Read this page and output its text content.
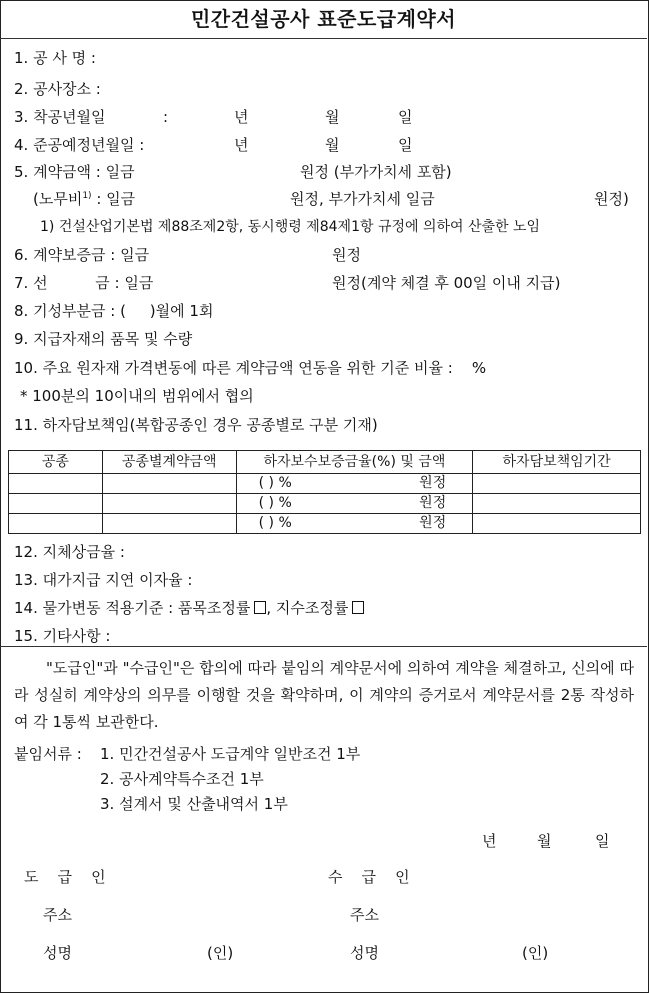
민간건설공사 표준도급계약서
1. 공 사 명 :
2. 공사장소 :
3. 착공년월일	:	년	월	일
4. 준공예정년월일 :	년	월	일
5. 계약금액 : 일금	원정 (부가가치세 포함)
(노무비$^{1)}$ : 일금	원정, 부가가치세 일금	원정)
1) 건설산업기본법 제88조제2항, 동시행령 제84제1항 규정에 의하여 산출한 노임
6. 계약보증금 : 일금	원정
7. 선          금 : 일금	원정(계약 체결 후 00일 이내 지급)
8. 기성부분금 : (     )월에 1회
9. 지급자재의 품목 및 수량
10. 주요 원자재 가격변동에 따른 계약금액 연동을 위한 기준 비율 :    %
* 100분의 10이내의 범위에서 협의
11. 하자담보책임(복합공종인 경우 공종별로 구분 기재)
공종	공종별계약금액	하자보수보증금율(%) 및 금액	하자담보책임기간

		( ) % 원정	

		( ) % 원정	

		( ) % 원정	

12. 지체상금율 :
13. 대가지급 지연 이자율 :
14. 물가변동 적용기준 : 품목조정률 , 지수조정률
15. 기타사항 :
"도급인"과 "수급인"은 합의에 따라 붙임의 계약문서에 의하여 계약을 체결하고, 신의에 따라 성실히 계약상의 의무를 이행할 것을 확약하며, 이 계약의 증거로서 계약문서를 2통 작성하여 각 1통씩 보관한다.
붙임서류 : 1. 민간건설공사 도급계약 일반조건 1부
2. 공사계약특수조건 1부
3. 설계서 및 산출내역서 1부
년	월	일
도    급    인
주소
성명	(인)
수    급    인
주소
성명	(인)
